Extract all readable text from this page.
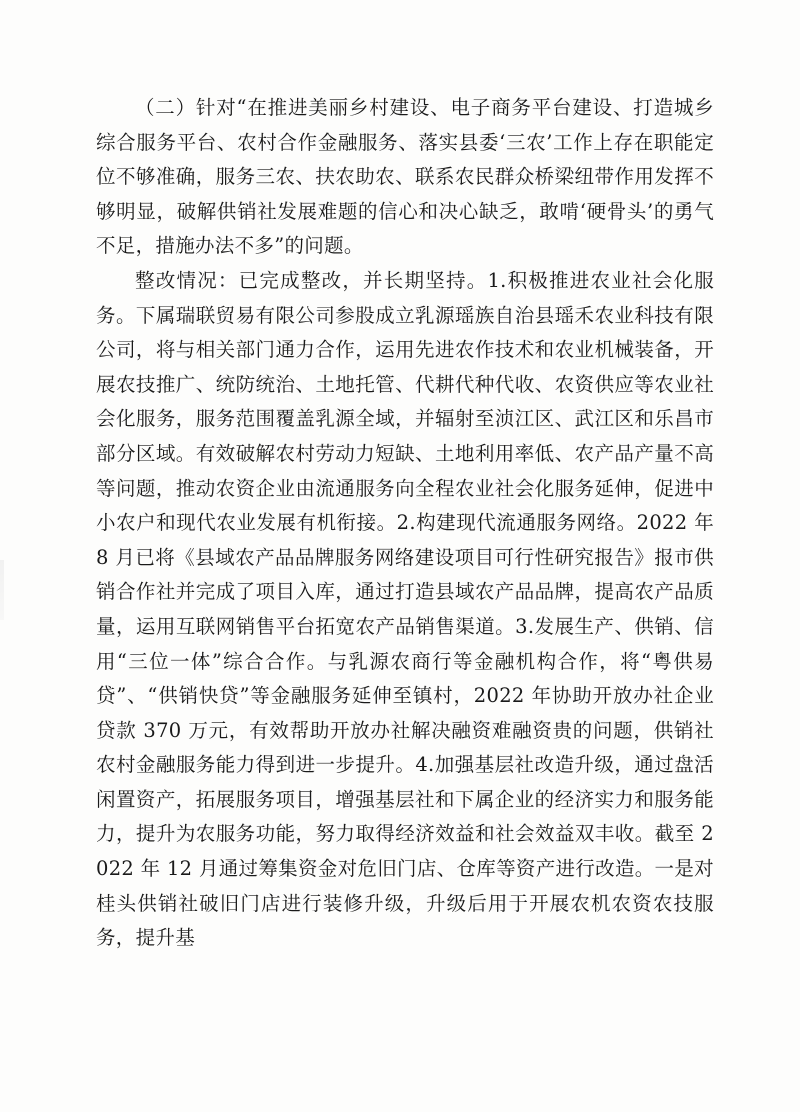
（二）针对“在推进美丽乡村建设、电子商务平台建设、打造城乡综合服务平台、农村合作金融服务、落实县委‘三农’工作上存在职能定位不够准确，服务三农、扶农助农、联系农民群众桥梁纽带作用发挥不够明显，破解供销社发展难题的信心和决心缺乏，敢啃‘硬骨头’的勇气不足，措施办法不多”的问题。

整改情况：已完成整改，并长期坚持。1.积极推进农业社会化服务。下属瑞联贸易有限公司参股成立乳源瑶族自治县瑶禾农业科技有限公司，将与相关部门通力合作，运用先进农作技术和农业机械装备，开展农技推广、统防统治、土地托管、代耕代种代收、农资供应等农业社会化服务，服务范围覆盖乳源全域，并辐射至浈江区、武江区和乐昌市部分区域。有效破解农村劳动力短缺、土地利用率低、农产品产量不高等问题，推动农资企业由流通服务向全程农业社会化服务延伸，促进中小农户和现代农业发展有机衔接。2.构建现代流通服务网络。2022 年 8 月已将《县域农产品品牌服务网络建设项目可行性研究报告》报市供销合作社并完成了项目入库，通过打造县域农产品品牌，提高农产品质量，运用互联网销售平台拓宽农产品销售渠道。3.发展生产、供销、信用“三位一体”综合合作。与乳源农商行等金融机构合作，将“粤供易贷”、“供销快贷”等金融服务延伸至镇村，2022 年协助开放办社企业贷款 370 万元，有效帮助开放办社解决融资难融资贵的问题，供销社农村金融服务能力得到进一步提升。4.加强基层社改造升级，通过盘活闲置资产，拓展服务项目，增强基层社和下属企业的经济实力和服务能力，提升为农服务功能，努力取得经济效益和社会效益双丰收。截至 2022 年 12 月通过筹集资金对危旧门店、仓库等资产进行改造。一是对桂头供销社破旧门店进行装修升级，升级后用于开展农机农资农技服务，提升基
